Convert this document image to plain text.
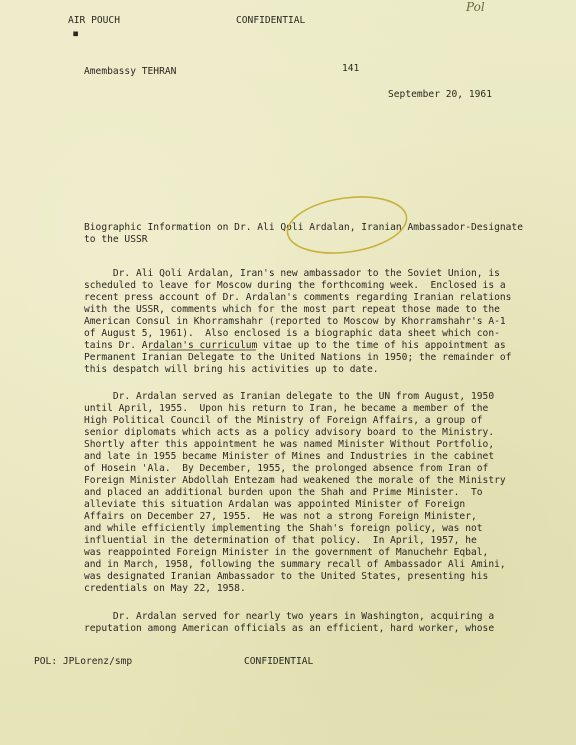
AIR POUCH	CONFIDENTIAL
Pol
▪
Amembassy TEHRAN	141
September 20, 1961
Biographic Information on Dr. Ali Qoli Ardalan, Iranian Ambassador-Designate
to the USSR
Dr. Ali Qoli Ardalan, Iran's new ambassador to the Soviet Union, is
scheduled to leave for Moscow during the forthcoming week.  Enclosed is a
recent press account of Dr. Ardalan's comments regarding Iranian relations
with the USSR, comments which for the most part repeat those made to the
American Consul in Khorramshahr (reported to Moscow by Khorramshahr's A-1
of August 5, 1961).  Also enclosed is a biographic data sheet which con-
tains Dr. Ardalan's curriculum vitae up to the time of his appointment as
Permanent Iranian Delegate to the United Nations in 1950; the remainder of
this despatch will bring his activities up to date.
Dr. Ardalan served as Iranian delegate to the UN from August, 1950
until April, 1955.  Upon his return to Iran, he became a member of the
High Political Council of the Ministry of Foreign Affairs, a group of
senior diplomats which acts as a policy advisory board to the Ministry.
Shortly after this appointment he was named Minister Without Portfolio,
and late in 1955 became Minister of Mines and Industries in the cabinet
of Hosein 'Ala.  By December, 1955, the prolonged absence from Iran of
Foreign Minister Abdollah Entezam had weakened the morale of the Ministry
and placed an additional burden upon the Shah and Prime Minister.  To
alleviate this situation Ardalan was appointed Minister of Foreign
Affairs on December 27, 1955.  He was not a strong Foreign Minister,
and while efficiently implementing the Shah's foreign policy, was not
influential in the determination of that policy.  In April, 1957, he
was reappointed Foreign Minister in the government of Manuchehr Eqbal,
and in March, 1958, following the summary recall of Ambassador Ali Amini,
was designated Iranian Ambassador to the United States, presenting his
credentials on May 22, 1958.
Dr. Ardalan served for nearly two years in Washington, acquiring a
reputation among American officials as an efficient, hard worker, whose
POL: JPLorenz/smp	CONFIDENTIAL
